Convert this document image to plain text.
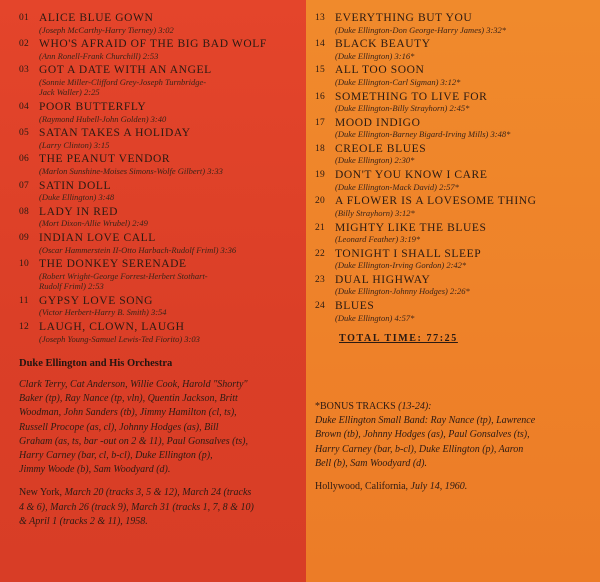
01 ALICE BLUE GOWN
(Joseph McCarthy-Harry Tierney) 3:02
02 WHO'S AFRAID OF THE BIG BAD WOLF
(Ann Ronell-Frank Churchill) 2:53
03 GOT A DATE WITH AN ANGEL
(Sonnie Miller-Clifford Grey-Joseph Turnbridge-
Jack Waller) 2:25
04 POOR BUTTERFLY
(Raymond Hubell-John Golden) 3:40
05 SATAN TAKES A HOLIDAY
(Larry Clinton) 3:15
06 THE PEANUT VENDOR
(Marlon Sunshine-Moises Simons-Wolfe Gilbert) 3:33
07 SATIN DOLL
(Duke Ellington) 3:48
08 LADY IN RED
(Mort Dixon-Allie Wrubel) 2:49
09 INDIAN LOVE CALL
(Oscar Hammerstein II-Otto Harbach-Rudolf Friml) 3:36
10 THE DONKEY SERENADE
(Robert Wright-George Forrest-Herbert Stothart-
Rudolf Friml) 2:53
11 GYPSY LOVE SONG
(Victor Herbert-Harry B. Smith) 3:54
12 LAUGH, CLOWN, LAUGH
(Joseph Young-Samuel Lewis-Ted Fiorito) 3:03
Duke Ellington and His Orchestra
Clark Terry, Cat Anderson, Willie Cook, Harold "Shorty"
Baker (tp), Ray Nance (tp, vln), Quentin Jackson, Britt
Woodman, John Sanders (tb), Jimmy Hamilton (cl, ts),
Russell Procope (as, cl), Johnny Hodges (as), Bill
Graham (as, ts, bar -out on 2 & 11), Paul Gonsalves (ts),
Harry Carney (bar, cl, b-cl), Duke Ellington (p),
Jimmy Woode (b), Sam Woodyard (d).
New York, March 20 (tracks 3, 5 & 12), March 24 (tracks
4 & 6), March 26 (track 9), March 31 (tracks 1, 7, 8 & 10)
& April 1 (tracks 2 & 11), 1958.
13 EVERYTHING BUT YOU
(Duke Ellington-Don George-Harry James) 3:32*
14 BLACK BEAUTY
(Duke Ellington) 3:16*
15 ALL TOO SOON
(Duke Ellington-Carl Sigman) 3:12*
16 SOMETHING TO LIVE FOR
(Duke Ellington-Billy Strayhorn) 2:45*
17 MOOD INDIGO
(Duke Ellington-Barney Bigard-Irving Mills) 3:48*
18 CREOLE BLUES
(Duke Ellington) 2:30*
19 DON'T YOU KNOW I CARE
(Duke Ellington-Mack David) 2:57*
20 A FLOWER IS A LOVESOME THING
(Billy Strayhorn) 3:12*
21 MIGHTY LIKE THE BLUES
(Leonard Feather) 3:19*
22 TONIGHT I SHALL SLEEP
(Duke Ellington-Irving Gordon) 2:42*
23 DUAL HIGHWAY
(Duke Ellington-Johnny Hodges) 2:26*
24 BLUES
(Duke Ellington) 4:57*
TOTAL TIME: 77:25
*BONUS TRACKS (13-24):
Duke Ellington Small Band: Ray Nance (tp), Lawrence
Brown (tb), Johnny Hodges (as), Paul Gonsalves (ts),
Harry Carney (bar, b-cl), Duke Ellington (p), Aaron
Bell (b), Sam Woodyard (d).
Hollywood, California, July 14, 1960.
